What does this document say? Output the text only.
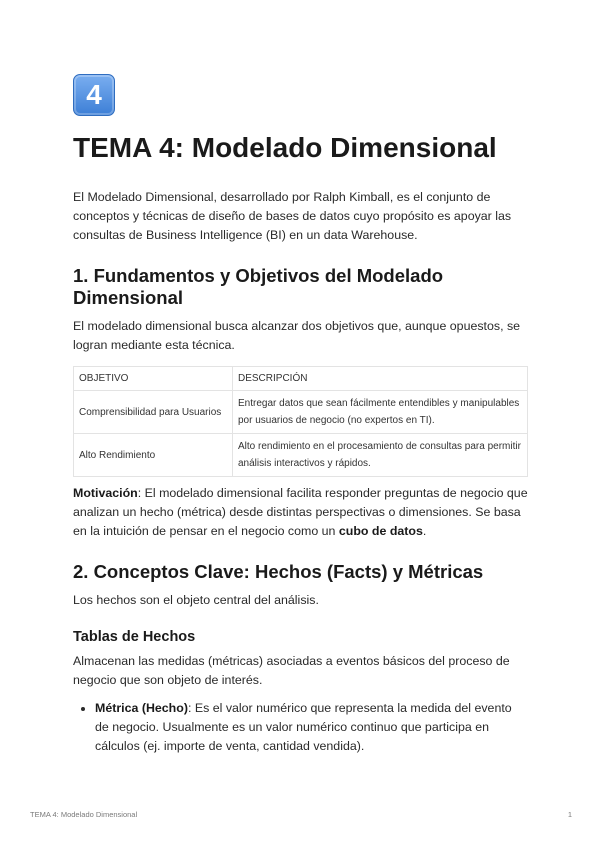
4
TEMA 4: Modelado Dimensional

El Modelado Dimensional, desarrollado por Ralph Kimball, es el conjunto de conceptos y técnicas de diseño de bases de datos cuyo propósito es apoyar las consultas de Business Intelligence (BI) en un data Warehouse.

1. Fundamentos y Objetivos del Modelado Dimensional

El modelado dimensional busca alcanzar dos objetivos que, aunque opuestos, se logran mediante esta técnica.

OBJETIVO	DESCRIPCIÓN
Comprensibilidad para Usuarios	Entregar datos que sean fácilmente entendibles y manipulables por usuarios de negocio (no expertos en TI).
Alto Rendimiento	Alto rendimiento en el procesamiento de consultas para permitir análisis interactivos y rápidos.

Motivación: El modelado dimensional facilita responder preguntas de negocio que analizan un hecho (métrica) desde distintas perspectivas o dimensiones. Se basa en la intuición de pensar en el negocio como un cubo de datos.

2. Conceptos Clave: Hechos (Facts) y Métricas

Los hechos son el objeto central del análisis.

Tablas de Hechos

Almacenan las medidas (métricas) asociadas a eventos básicos del proceso de negocio que son objeto de interés.

• Métrica (Hecho): Es el valor numérico que representa la medida del evento de negocio. Usualmente es un valor numérico continuo que participa en cálculos (ej. importe de venta, cantidad vendida).
TEMA 4: Modelado Dimensional	1
